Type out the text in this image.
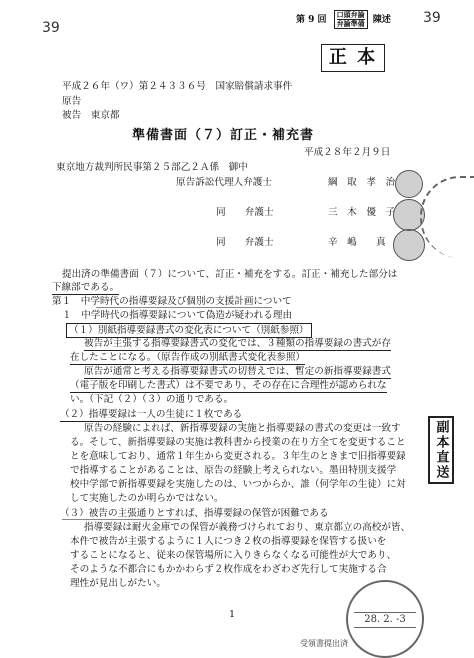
39
39
第 9 回
口頭弁論
弁論準備 陳述
正 本
平成２６年（ワ）第２４３３６号　国家賠償請求事件
原告
被告　東京都
準備書面（７）訂正・補充書
平成２８年２月９日
東京地方裁判所民事第２５部乙２Ａ係　御中
原告訴訟代理人弁護士	綱　取　孝　治
同　　弁護士	三　木　優　子
同　　弁護士	辛　嶋　　真
提出済の準備書面（７）について、訂正・補充をする。訂正・補充した部分は
下線部である。
第１　中学時代の指導要録及び個別の支援計画について
１　中学時代の指導要録について偽造が疑われる理由
（１）別紙指導要録書式の変化表について（別紙参照）
被告が主張する指導要録書式の変化では、３種類の指導要録の書式が存
在したことになる。（原告作成の別紙書式変化表参照）
原告が通常と考える指導要録書式の切替えでは、暫定の新指導要録書式
（電子版を印刷した書式）は不要であり、その存在に合理性が認められな
い。（下記（２）（３）の通りである。
（２）指導要録は一人の生徒に１枚である
原告の経験によれば、新指導要録の実施と指導要録の書式の変更は一致す
る。そして、新指導要録の実施は教科書から授業の在り方全てを変更すること
とを意味しており、通常１年生から変更される。３年生のときまで旧指導要録
で指導することがあることは、原告の経験上考えられない。墨田特別支援学
校中学部で新指導要録を実施したのは、いつからか、誰（何学年の生徒）に対
して実施したのか明らかではない。
（３）被告の主張通りとすれば、指導要録の保管が困難である
指導要録は耐火金庫での保管が義務づけられており、東京都立の高校が皆、
本件で被告が主張するように１人につき２枚の指導要録を保管する扱いを
することになると、従来の保管場所に入りきらなくなる可能性が大であり、
そのような不都合にもかかわらず２枚作成をわざわざ先行して実施する合
理性が見出しがたい。
1
副本直送
28. 2. -3
受領書提出済
